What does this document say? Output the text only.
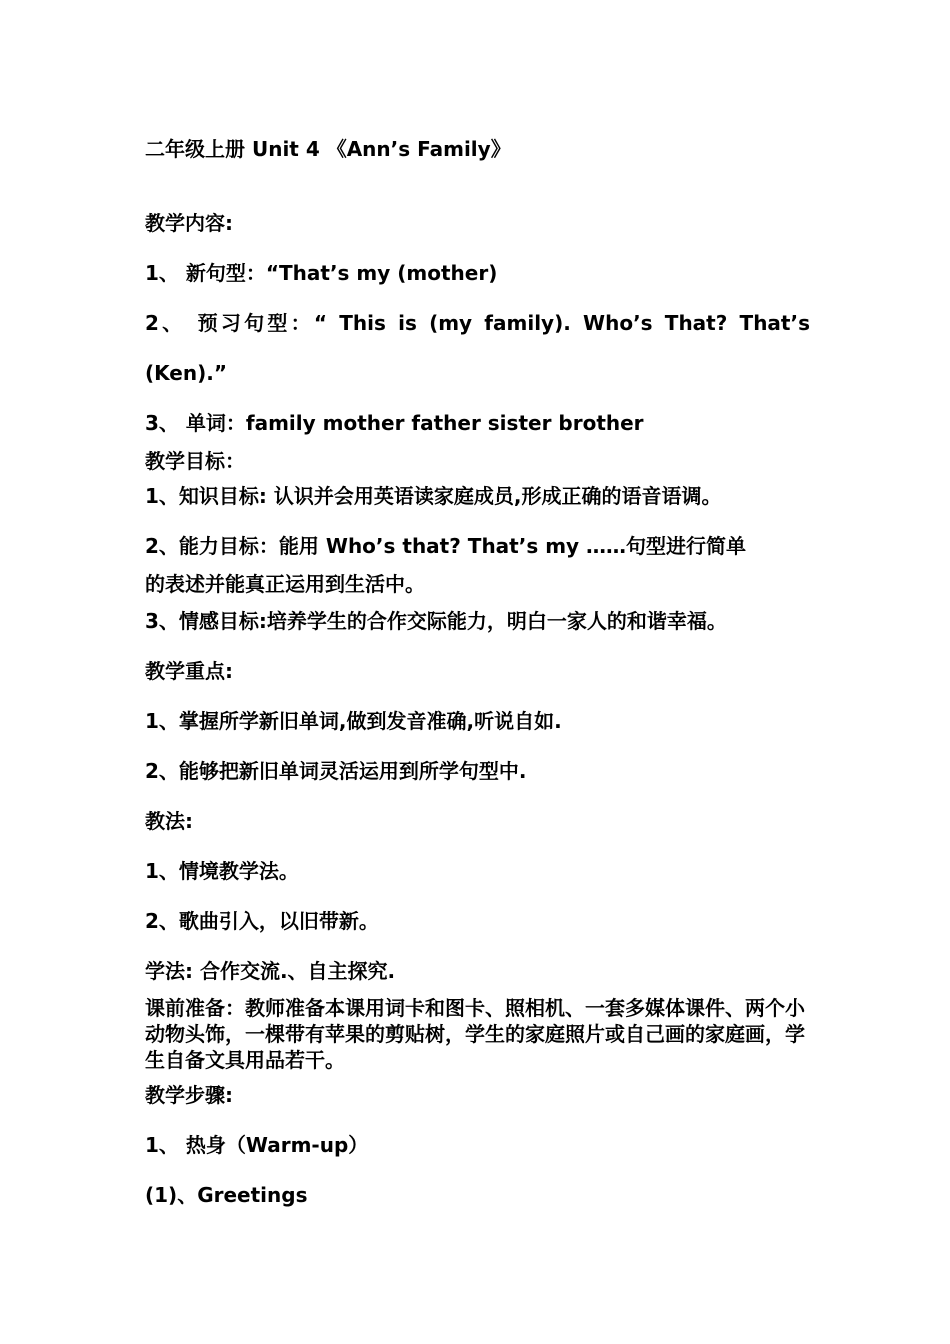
二年级上册 Unit 4 《Ann’s Family》
教学内容:
1、 新句型：“That’s my (mother)
2、 预习句型：“ This is (my family). Who’s That? That’s
(Ken).”
3、 单词：family mother father sister brother
教学目标：
1、知识目标: 认识并会用英语读家庭成员,形成正确的语音语调。
2、能力目标：能用 Who’s that? That’s my ……句型进行简单
的表述并能真正运用到生活中。
3、情感目标:培养学生的合作交际能力，明白一家人的和谐幸福。
教学重点:
1、掌握所学新旧单词,做到发音准确,听说自如.
2、能够把新旧单词灵活运用到所学句型中.
教法:
1、情境教学法。
2、歌曲引入，以旧带新。
学法: 合作交流.、自主探究.
课前准备：教师准备本课用词卡和图卡、照相机、一套多媒体课件、两个小动物头饰，一棵带有苹果的剪贴树，学生的家庭照片或自己画的家庭画，学生自备文具用品若干。
教学步骤:
1、 热身（Warm-up）
(1)、Greetings
